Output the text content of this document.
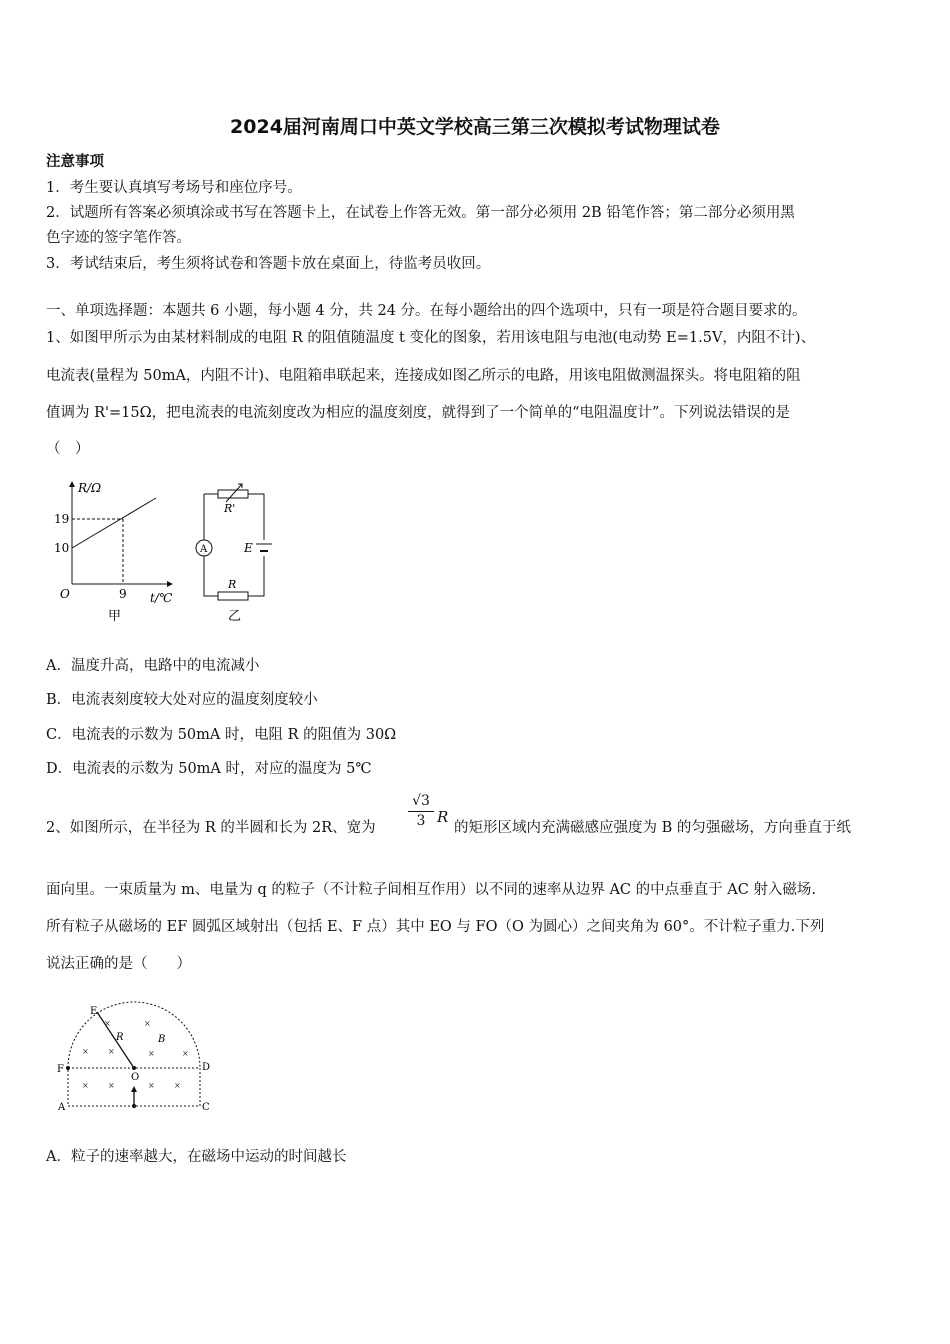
2024届河南周口中英文学校高三第三次模拟考试物理试卷
注意事项
1．考生要认真填写考场号和座位序号。
2．试题所有答案必须填涂或书写在答题卡上，在试卷上作答无效。第一部分必须用 2B 铅笔作答；第二部分必须用黑
色字迹的签字笔作答。
3．考试结束后，考生须将试卷和答题卡放在桌面上，待监考员收回。
一、单项选择题：本题共 6 小题，每小题 4 分，共 24 分。在每小题给出的四个选项中，只有一项是符合题目要求的。
1、如图甲所示为由某材料制成的电阻 R 的阻值随温度 t 变化的图象，若用该电阻与电池(电动势 E=1.5V，内阻不计)、
电流表(量程为 50mA，内阻不计)、电阻箱串联起来，连接成如图乙所示的电路，用该电阻做测温探头。将电阻箱的阻
值调为 R'=15Ω，把电流表的电流刻度改为相应的温度刻度，就得到了一个简单的“电阻温度计”。下列说法错误的是
（　）
R/Ω
19
10
O	9 t/℃
甲
R'
A	E
R
乙
A．温度升高，电路中的电流减小
B．电流表刻度较大处对应的温度刻度较小
C．电流表的示数为 50mA 时，电阻 R 的阻值为 30Ω
D．电流表的示数为 50mA 时，对应的温度为 5℃
2、如图所示，在半径为 R 的半圆和长为 2R、宽为	$\frac{√3}{3}$ R
的矩形区域内充满磁感应强度为 B 的匀强磁场，方向垂直于纸
面向里。一束质量为 m、电量为 q 的粒子（不计粒子间相互作用）以不同的速率从边界 AC 的中点垂直于 AC 射入磁场.
所有粒子从磁场的 EF 圆弧区域射出（包括 E、F 点）其中 EO 与 FO（O 为圆心）之间夹角为 60°。不计粒子重力.下列
说法正确的是（　　）
E
R	B
F	D
O
A	C
×	×
× ×	×	×
× ×	× ×
A．粒子的速率越大，在磁场中运动的时间越长
